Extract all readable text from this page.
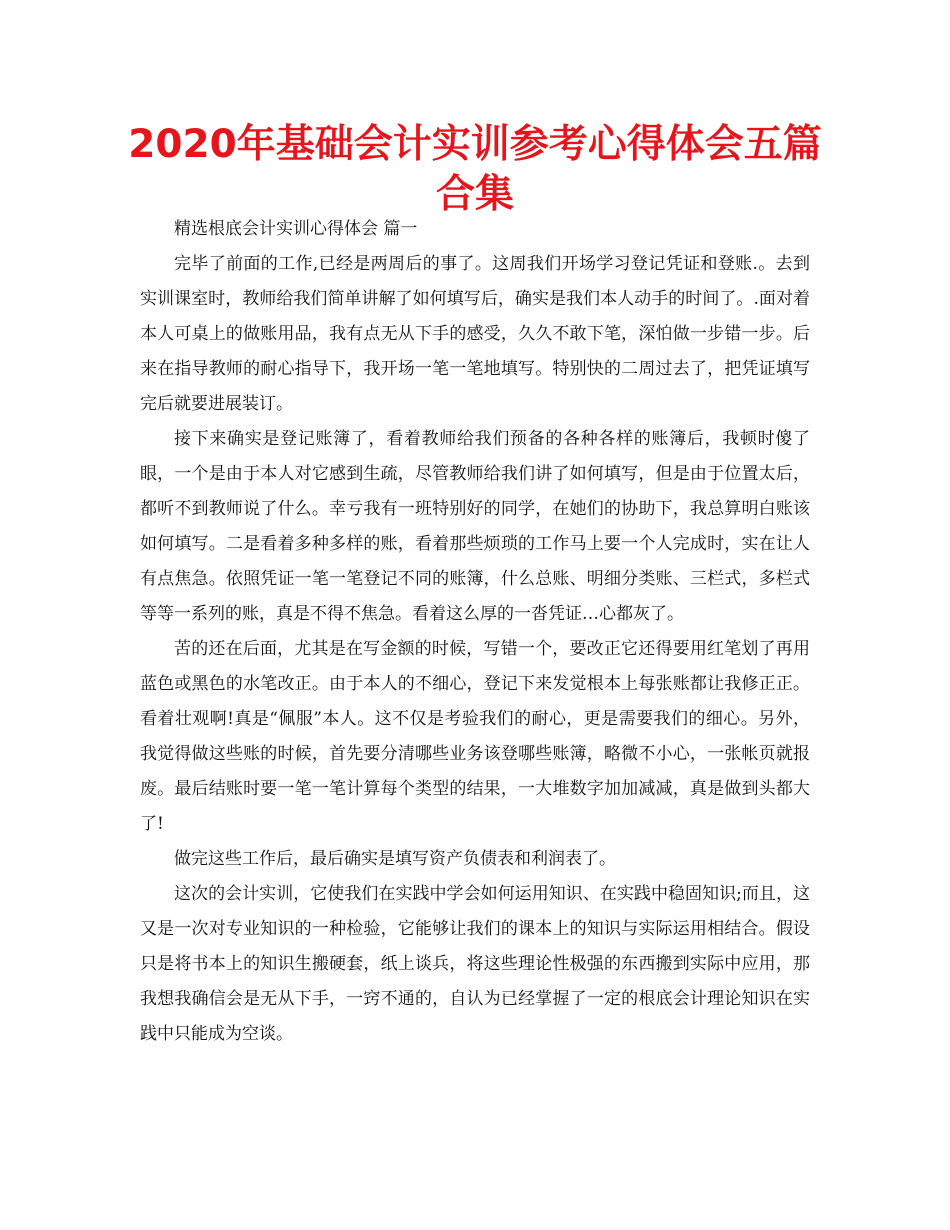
2020年基础会计实训参考心得体会五篇合集

精选根底会计实训心得体会 篇一

完毕了前面的工作,已经是两周后的事了。这周我们开场学习登记凭证和登账.。去到实训课室时，教师给我们简单讲解了如何填写后，确实是我们本人动手的时间了。.面对着本人可桌上的做账用品，我有点无从下手的感受，久久不敢下笔，深怕做一步错一步。后来在指导教师的耐心指导下，我开场一笔一笔地填写。特别快的二周过去了，把凭证填写完后就要进展装订。

接下来确实是登记账簿了，看着教师给我们预备的各种各样的账簿后，我顿时傻了眼，一个是由于本人对它感到生疏，尽管教师给我们讲了如何填写，但是由于位置太后，都听不到教师说了什么。幸亏我有一班特别好的同学，在她们的协助下，我总算明白账该如何填写。二是看着多种多样的账，看着那些烦琐的工作马上要一个人完成时，实在让人有点焦急。依照凭证一笔一笔登记不同的账簿，什么总账、明细分类账、三栏式，多栏式等等一系列的账，真是不得不焦急。看着这么厚的一沓凭证…心都灰了。

苦的还在后面，尤其是在写金额的时候，写错一个，要改正它还得要用红笔划了再用蓝色或黑色的水笔改正。由于本人的不细心，登记下来发觉根本上每张账都让我修正正。看着壮观啊!真是“佩服”本人。这不仅是考验我们的耐心，更是需要我们的细心。另外，我觉得做这些账的时候，首先要分清哪些业务该登哪些账簿，略微不小心，一张帐页就报废。最后结账时要一笔一笔计算每个类型的结果，一大堆数字加加减减，真是做到头都大了!

做完这些工作后，最后确实是填写资产负债表和利润表了。

这次的会计实训，它使我们在实践中学会如何运用知识、在实践中稳固知识;而且，这又是一次对专业知识的一种检验，它能够让我们的课本上的知识与实际运用相结合。假设只是将书本上的知识生搬硬套，纸上谈兵，将这些理论性极强的东西搬到实际中应用，那我想我确信会是无从下手，一窍不通的，自认为已经掌握了一定的根底会计理论知识在实践中只能成为空谈。
